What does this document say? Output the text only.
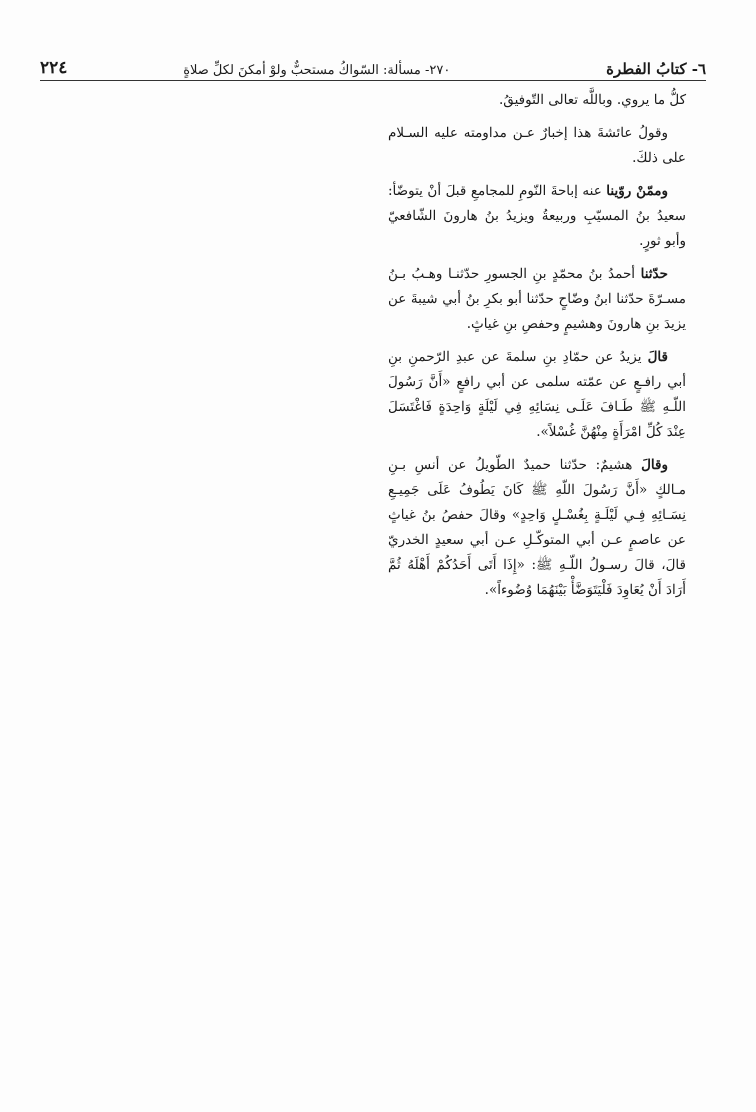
٦- كتابُ الفطرة
٢٧٠- مسألة: السّواكُ مستحبٌّ ولوْ أمكنَ لكلِّ صلاةٍ
٢٢٤

كلُّ ما يروي. وباللَّه تعالى التّوفيقُ.

وقولُ عائشةَ هذا إخبارٌ عـن مداومته عليه السـلام على ذلكَ.

وممّنْ روّينا عنه إباحةَ النّومِ للمجامعِ قبلَ أنْ يتوضّأ: سعيدُ بنُ المسيّبِ وربيعةُ ويزيدُ بنُ هارونَ الشّافعيّ وأبو ثورٍ.

حدّثنا أحمدُ بنُ محمّدٍ بنِ الجسورِ حدّثنـا وهـبُ بـنُ مسـرّةَ حدّثنا ابنُ وضّاحٍ حدّثنا أبو بكرِ بنُ أبي شيبةَ عن يزيدَ بنِ هارونَ وهشيمٍ وحفصِ بنِ غياثٍ.

قالَ يزيدُ عن حمّادِ بنِ سلمةَ عن عبدِ الرّحمنِ بنِ أبي رافـعٍ عن عمّته سلمى عن أبي رافعٍ «أَنَّ رَسُولَ اللّـهِ ﷺ طَـافَ عَلَـى نِسَائِهِ فِي لَيْلَةٍ وَاحِدَةٍ فَاغْتَسَلَ عِنْدَ كُلِّ امْرَأَةٍ مِنْهُنَّ غُسْلاً».

وقالَ هشيمٌ: حدّثنا حميدٌ الطّويلُ عن أنسِ بـنِ مـالكٍ «أَنَّ رَسُولَ اللّهِ ﷺ كَانَ يَطُوفُ عَلَى جَمِيـعِ نِسَـائِهِ فِـي لَيْلَـةٍ بِغُسْـلٍ وَاحِدٍ» وقالَ حفصُ بنُ غياثٍ عن عاصمٍ عـن أبي المتوكّـلِ عـن أبي سعيدٍ الخدريّ قالَ، قالَ رسـولُ اللّـهِ ﷺ: «إِذَا أَتَى أَحَدُكُمْ أَهْلَهُ ثُمَّ أَرَادَ أَنْ يُعَاوِدَ فَلْيَتَوَضَّأْ بَيْنَهُمَا وُضُوءاً».
